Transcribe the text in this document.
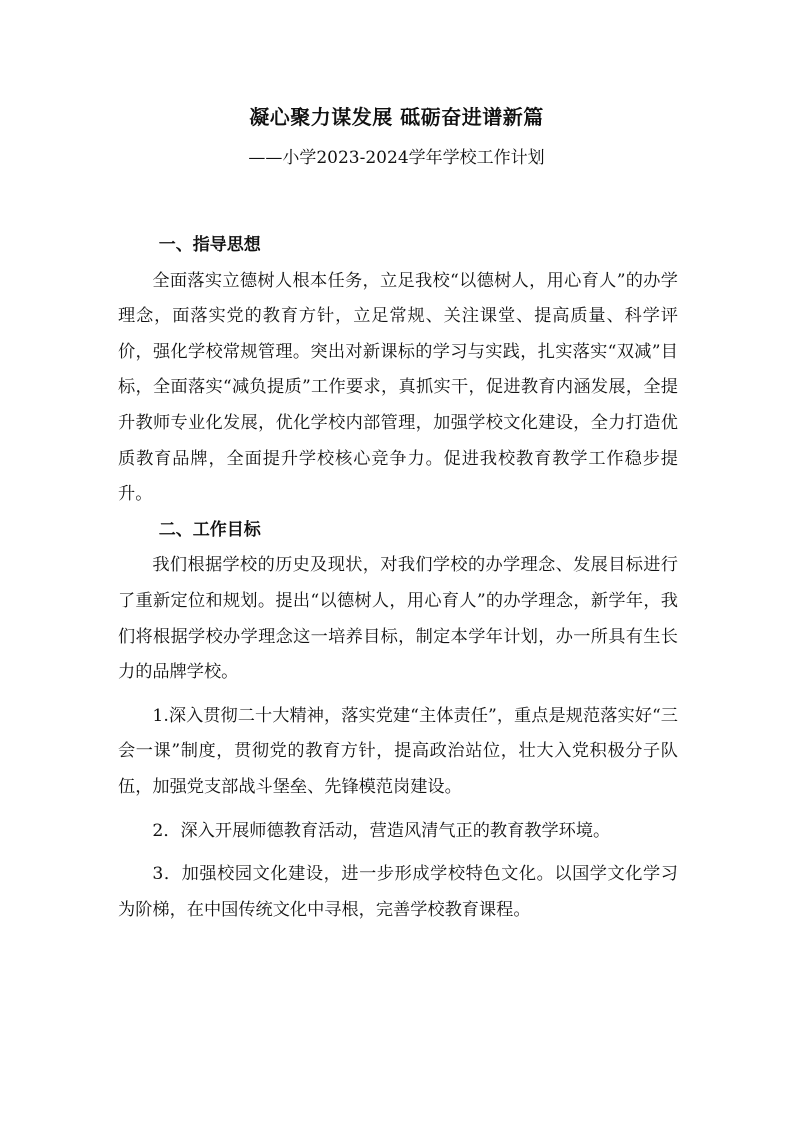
凝心聚力谋发展 砥砺奋进谱新篇
——小学2023-2024学年学校工作计划
一、指导思想

全面落实立德树人根本任务，立足我校“以德树人，用心育人”的办学理念，面落实党的教育方针，立足常规、关注课堂、提高质量、科学评价，强化学校常规管理。突出对新课标的学习与实践，扎实落实“双减”目标，全面落实“减负提质”工作要求，真抓实干，促进教育内涵发展，全提升教师专业化发展，优化学校内部管理，加强学校文化建设，全力打造优质教育品牌，全面提升学校核心竞争力。促进我校教育教学工作稳步提升。

二、工作目标

我们根据学校的历史及现状，对我们学校的办学理念、发展目标进行了重新定位和规划。提出“以德树人，用心育人”的办学理念，新学年，我们将根据学校办学理念这一培养目标，制定本学年计划，办一所具有生长力的品牌学校。

1.深入贯彻二十大精神，落实党建“主体责任”，重点是规范落实好“三会一课”制度，贯彻党的教育方针，提高政治站位，壮大入党积极分子队伍，加强党支部战斗堡垒、先锋模范岗建设。

2．深入开展师德教育活动，营造风清气正的教育教学环境。

3．加强校园文化建设，进一步形成学校特色文化。以国学文化学习为阶梯，在中国传统文化中寻根，完善学校教育课程。
